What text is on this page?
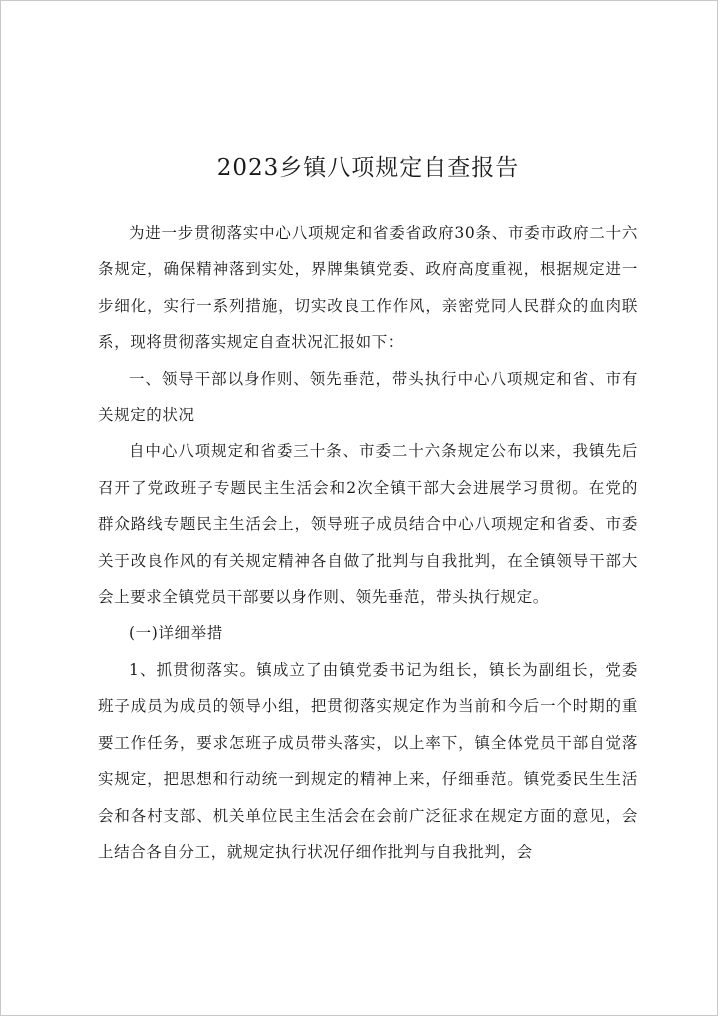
2023乡镇八项规定自查报告

为进一步贯彻落实中心八项规定和省委省政府30条、市委市政府二十六条规定，确保精神落到实处，界牌集镇党委、政府高度重视，根据规定进一步细化，实行一系列措施，切实改良工作作风，亲密党同人民群众的血肉联系，现将贯彻落实规定自查状况汇报如下：

一、领导干部以身作则、领先垂范，带头执行中心八项规定和省、市有关规定的状况

自中心八项规定和省委三十条、市委二十六条规定公布以来，我镇先后召开了党政班子专题民主生活会和2次全镇干部大会进展学习贯彻。在党的群众路线专题民主生活会上，领导班子成员结合中心八项规定和省委、市委关于改良作风的有关规定精神各自做了批判与自我批判，在全镇领导干部大会上要求全镇党员干部要以身作则、领先垂范，带头执行规定。

(一)详细举措

1、抓贯彻落实。镇成立了由镇党委书记为组长，镇长为副组长，党委班子成员为成员的领导小组，把贯彻落实规定作为当前和今后一个时期的重要工作任务，要求怎班子成员带头落实，以上率下，镇全体党员干部自觉落实规定，把思想和行动统一到规定的精神上来，仔细垂范。镇党委民生生活会和各村支部、机关单位民主生活会在会前广泛征求在规定方面的意见，会上结合各自分工，就规定执行状况仔细作批判与自我批判，会
